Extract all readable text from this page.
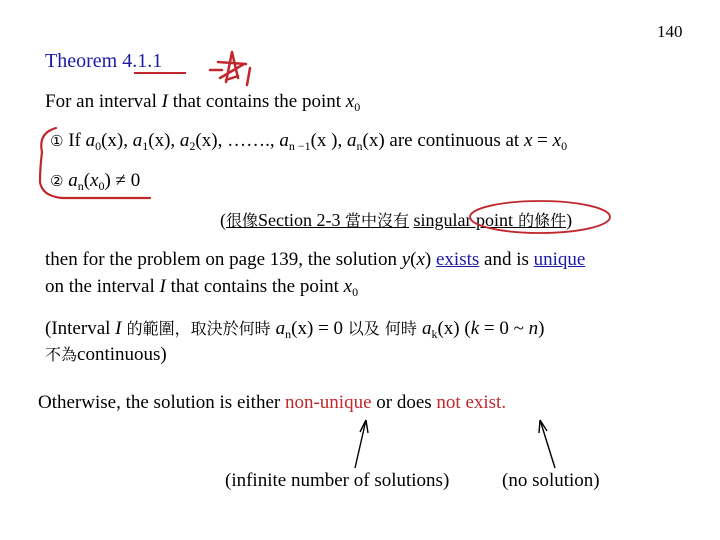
140
Theorem 4.1.1
For an interval I that contains the point $x_0$
① If $a_0(x)$, $a_1(x)$, $a_2(x)$, ……., $a_{n -1}(x$ ), $a_n(x)$ are continuous at $x = x_0$
② $a_n(x_0) \ne 0$
(很像Section 2-3 當中沒有 singular point 的條件)
then for the problem on page 139, the solution y(x) exists and is unique
on the interval I that contains the point $x_0$
(Interval I 的範圍，取決於何時 $a_n(x) = 0$ 以及 何時 $a_k(x) (k = 0$ ~ n)
不為continuous)
Otherwise, the solution is either non-unique or does not exist.
(infinite number of solutions)	(no solution)
